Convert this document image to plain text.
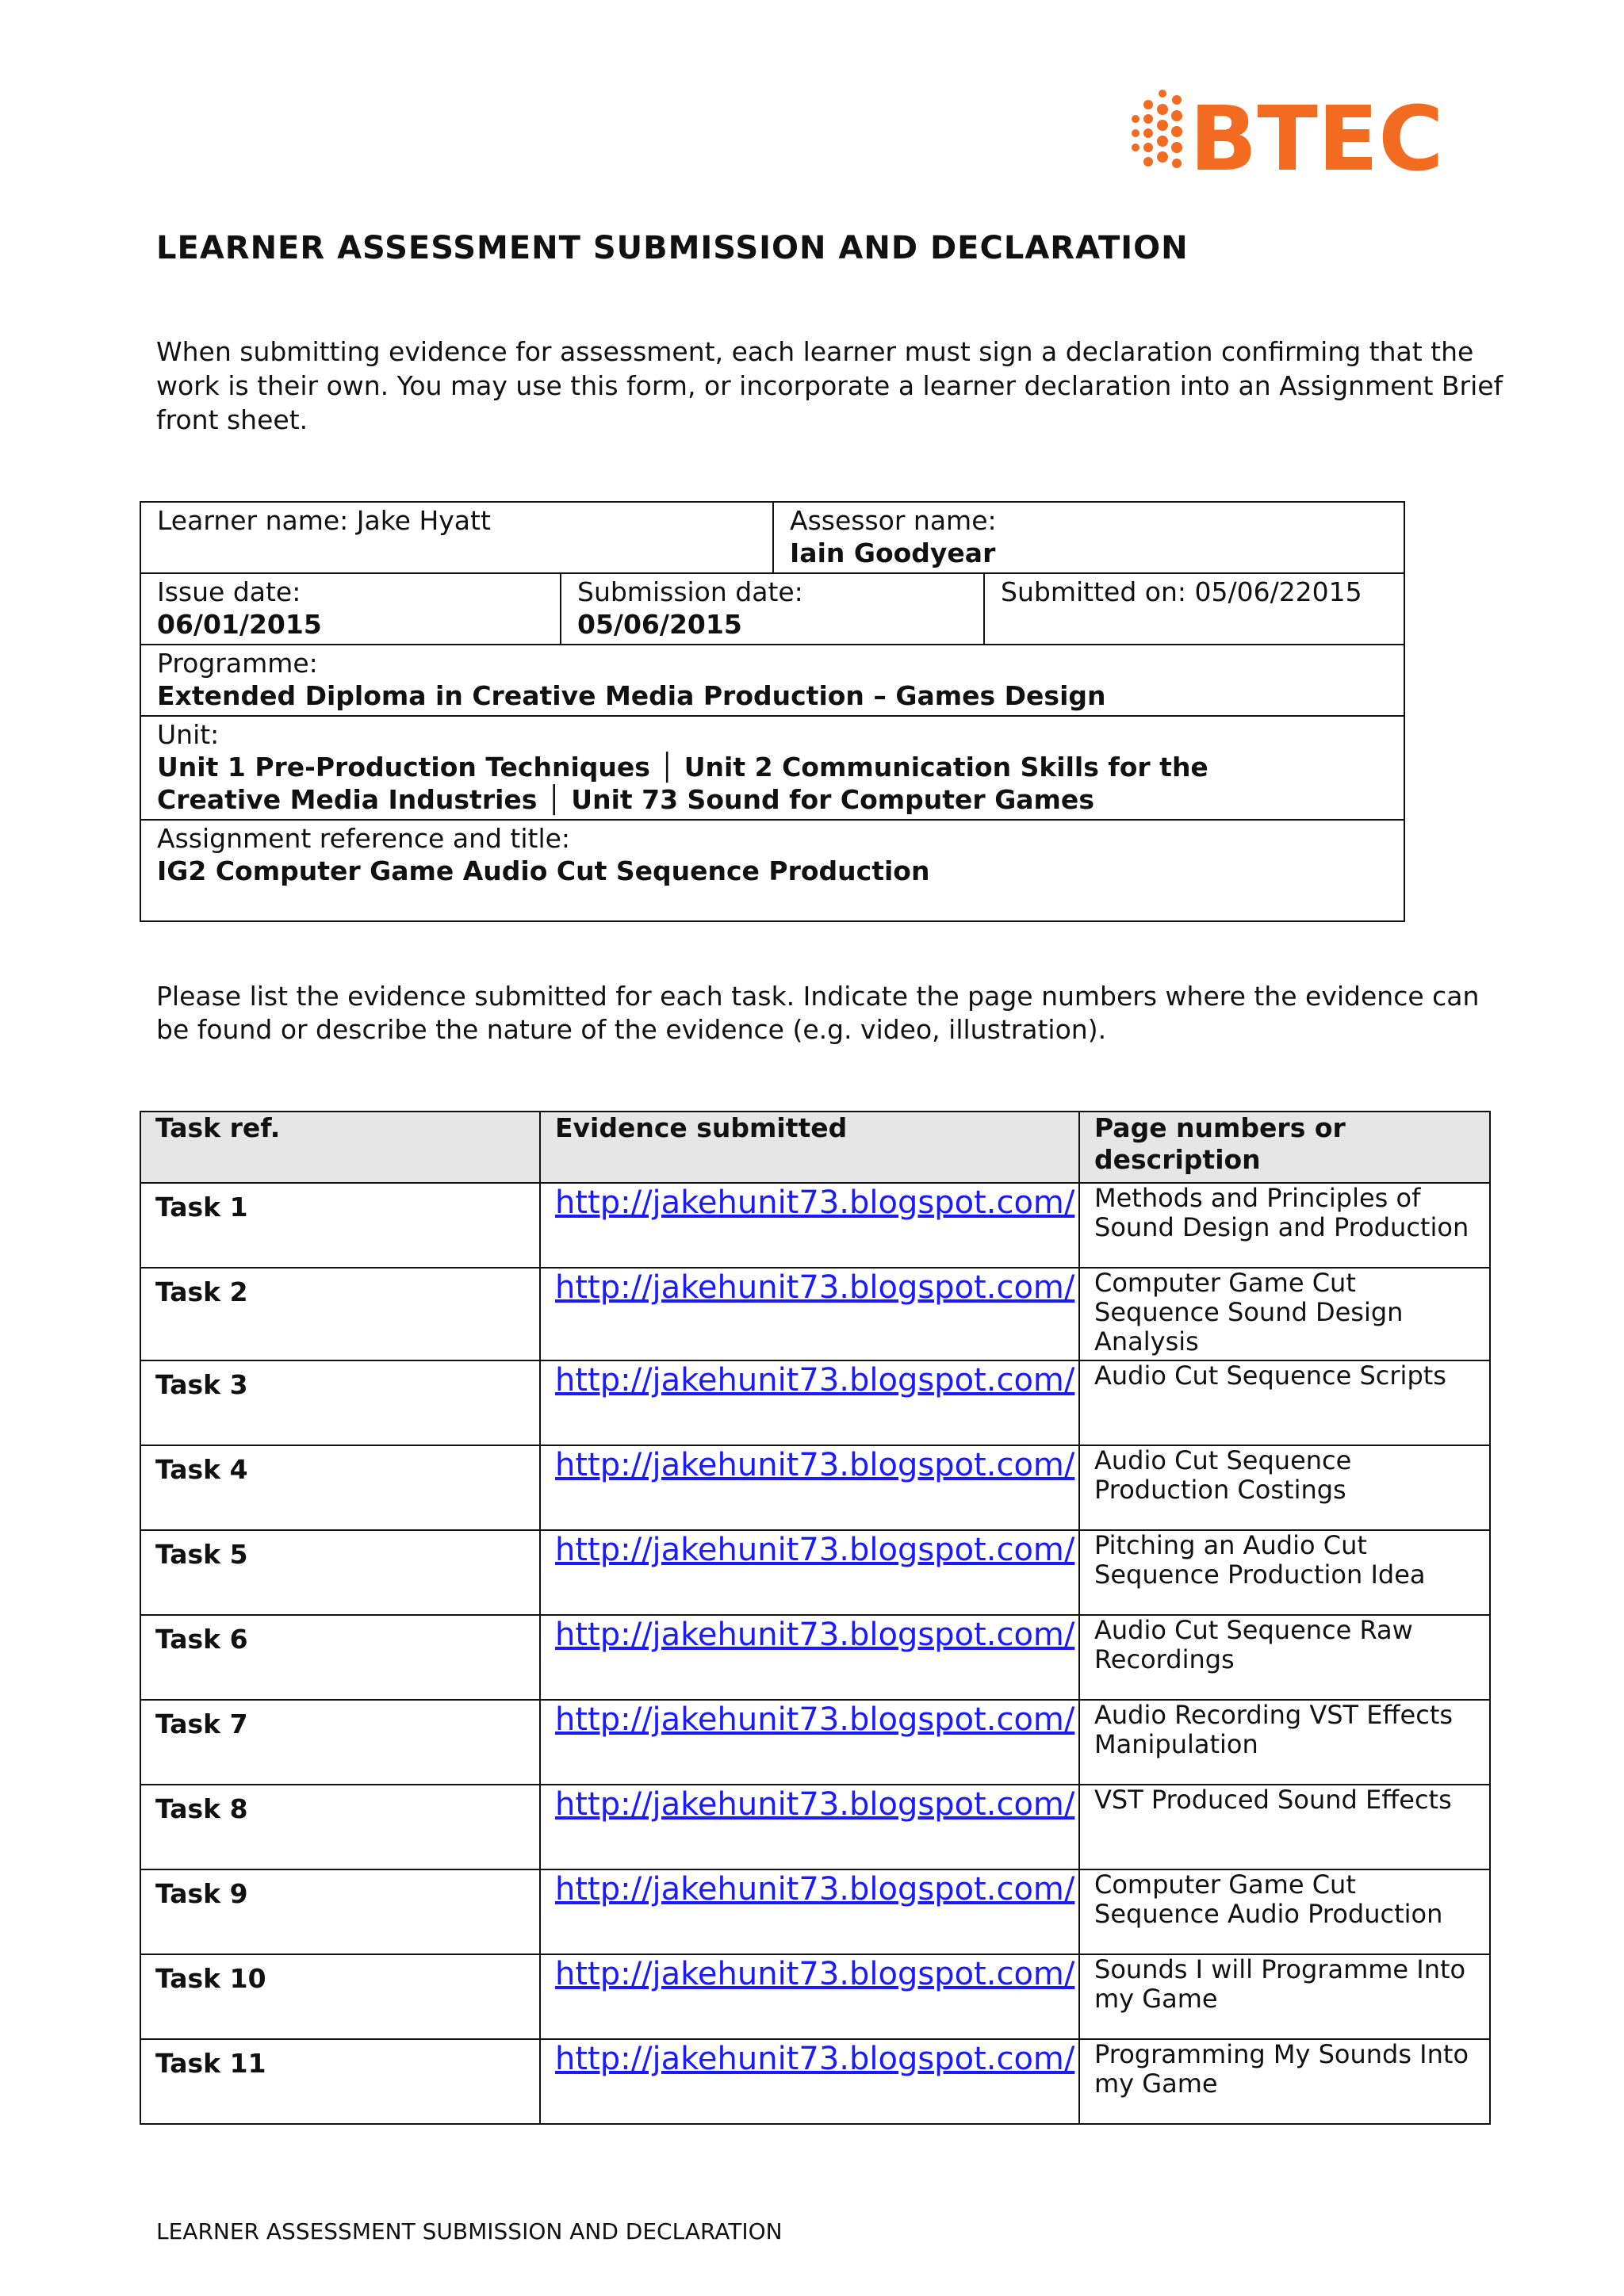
BTEC
LEARNER ASSESSMENT SUBMISSION AND DECLARATION

When submitting evidence for assessment, each learner must sign a declaration confirming that the work is their own. You may use this form, or incorporate a learner declaration into an Assignment Brief front sheet.

Learner name: Jake Hyatt		Assessor name:
Iain Goodyear	

Issue date:
06/01/2015	Submission date:
05/06/2015		Submitted on: 05/06/22015

Programme:
Extended Diploma in Creative Media Production – Games Design			

Unit:
Unit 1 Pre-Production Techniques │ Unit 2 Communication Skills for the
Creative Media Industries │ Unit 73 Sound for Computer Games			

Assignment reference and title:
IG2 Computer Game Audio Cut Sequence Production			

Please list the evidence submitted for each task. Indicate the page numbers where the evidence can be found or describe the nature of the evidence (e.g. video, illustration).

Task ref.	Evidence submitted	Page numbers or description
Task 1	http://jakehunit73.blogspot.com/	Methods and Principles of Sound Design and Production
Task 2	http://jakehunit73.blogspot.com/	Computer Game Cut Sequence Sound Design Analysis
Task 3	http://jakehunit73.blogspot.com/	Audio Cut Sequence Scripts
Task 4	http://jakehunit73.blogspot.com/	Audio Cut Sequence Production Costings
Task 5	http://jakehunit73.blogspot.com/	Pitching an Audio Cut Sequence Production Idea
Task 6	http://jakehunit73.blogspot.com/	Audio Cut Sequence Raw Recordings
Task 7	http://jakehunit73.blogspot.com/	Audio Recording VST Effects Manipulation
Task 8	http://jakehunit73.blogspot.com/	VST Produced Sound Effects
Task 9	http://jakehunit73.blogspot.com/	Computer Game Cut Sequence Audio Production
Task 10	http://jakehunit73.blogspot.com/	Sounds I will Programme Into my Game
Task 11	http://jakehunit73.blogspot.com/	Programming My Sounds Into my Game
LEARNER ASSESSMENT SUBMISSION AND DECLARATION
